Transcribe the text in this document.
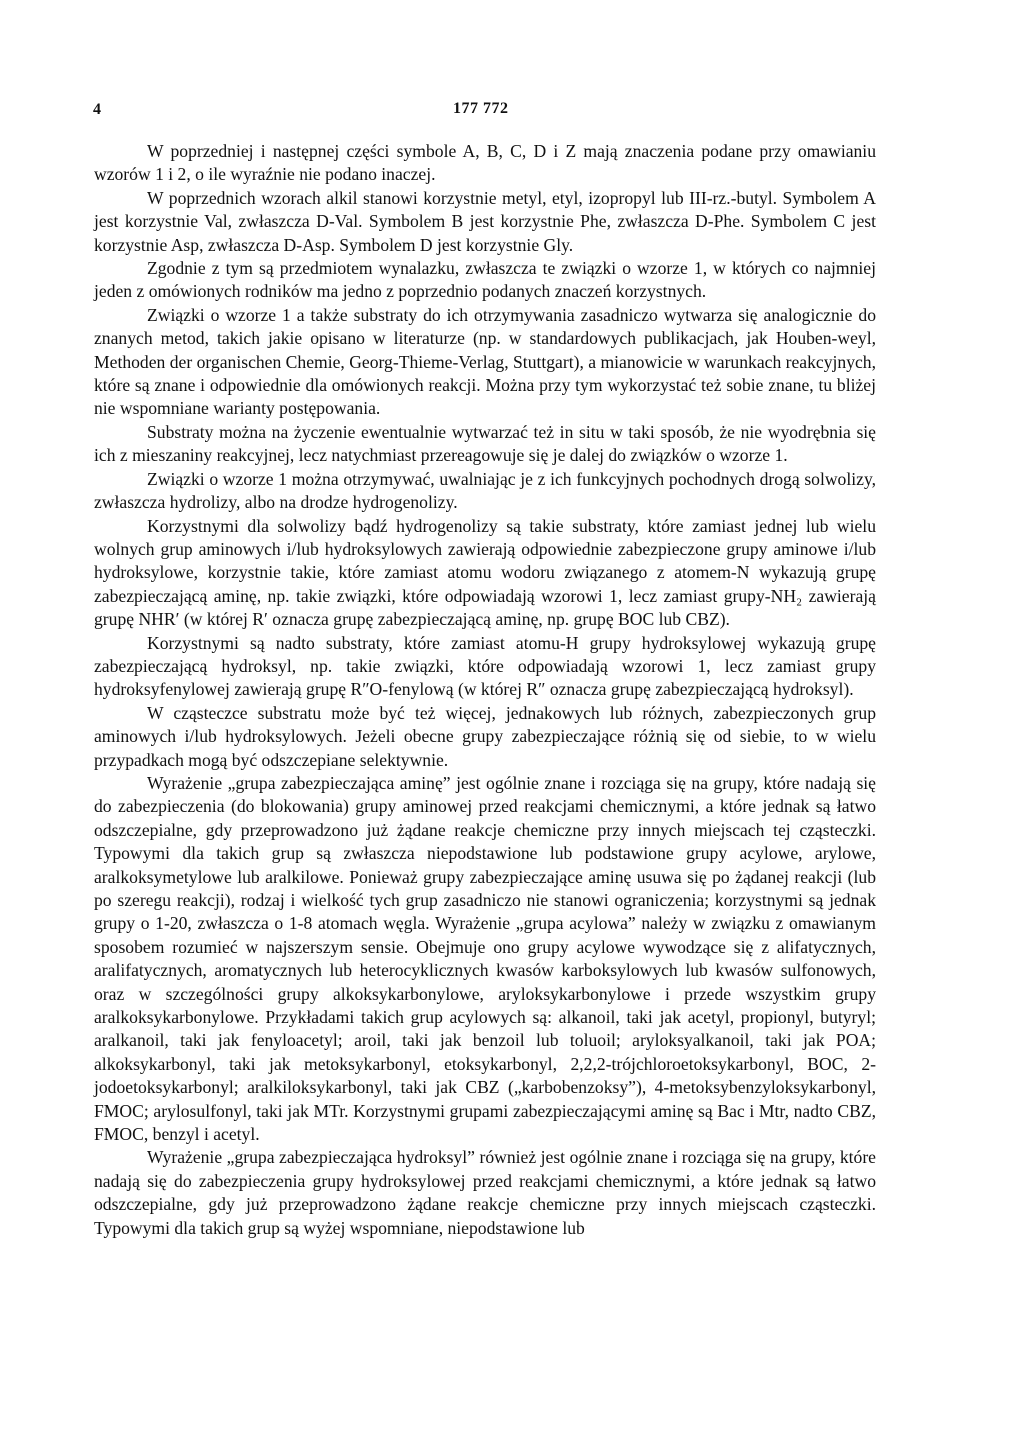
4	177 772

W poprzedniej i następnej części symbole A, B, C, D i Z mają znaczenia podane przy omawianiu wzorów 1 i 2, o ile wyraźnie nie podano inaczej.

W poprzednich wzorach alkil stanowi korzystnie metyl, etyl, izopropyl lub III-rz.-butyl. Symbolem A jest korzystnie Val, zwłaszcza D-Val. Symbolem B jest korzystnie Phe, zwłaszcza D-Phe. Symbolem C jest korzystnie Asp, zwłaszcza D-Asp. Symbolem D jest korzystnie Gly.

Zgodnie z tym są przedmiotem wynalazku, zwłaszcza te związki o wzorze 1, w których co najmniej jeden z omówionych rodników ma jedno z poprzednio podanych znaczeń korzystnych.

Związki o wzorze 1 a także substraty do ich otrzymywania zasadniczo wytwarza się analogicznie do znanych metod, takich jakie opisano w literaturze (np. w standardowych publikacjach, jak Houben-weyl, Methoden der organischen Chemie, Georg-Thieme-Verlag, Stuttgart), a mianowicie w warunkach reakcyjnych, które są znane i odpowiednie dla omówionych reakcji. Można przy tym wykorzystać też sobie znane, tu bliżej nie wspomniane warianty postępowania.

Substraty można na życzenie ewentualnie wytwarzać też in situ w taki sposób, że nie wyodrębnia się ich z mieszaniny reakcyjnej, lecz natychmiast przereagowuje się je dalej do związków o wzorze 1.

Związki o wzorze 1 można otrzymywać, uwalniając je z ich funkcyjnych pochodnych drogą solwolizy, zwłaszcza hydrolizy, albo na drodze hydrogenolizy.

Korzystnymi dla solwolizy bądź hydrogenolizy są takie substraty, które zamiast jednej lub wielu wolnych grup aminowych i/lub hydroksylowych zawierają odpowiednie zabezpieczone grupy aminowe i/lub hydroksylowe, korzystnie takie, które zamiast atomu wodoru związanego z atomem-N wykazują grupę zabezpieczającą aminę, np. takie związki, które odpowiadają wzorowi 1, lecz zamiast grupy-NH₂ zawierają grupę NHR′ (w której R′ oznacza grupę zabezpieczającą aminę, np. grupę BOC lub CBZ).

Korzystnymi są nadto substraty, które zamiast atomu-H grupy hydroksylowej wykazują grupę zabezpieczającą hydroksyl, np. takie związki, które odpowiadają wzorowi 1, lecz zamiast grupy hydroksyfenylowej zawierają grupę R″O-fenylową (w której R″ oznacza grupę zabezpieczającą hydroksyl).

W cząsteczce substratu może być też więcej, jednakowych lub różnych, zabezpieczonych grup aminowych i/lub hydroksylowych. Jeżeli obecne grupy zabezpieczające różnią się od siebie, to w wielu przypadkach mogą być odszczepiane selektywnie.

Wyrażenie „grupa zabezpieczająca aminę” jest ogólnie znane i rozciąga się na grupy, które nadają się do zabezpieczenia (do blokowania) grupy aminowej przed reakcjami chemicznymi, a które jednak są łatwo odszczepialne, gdy przeprowadzono już żądane reakcje chemiczne przy innych miejscach tej cząsteczki. Typowymi dla takich grup są zwłaszcza niepodstawione lub podstawione grupy acylowe, arylowe, aralkoksymetylowe lub aralkilowe. Ponieważ grupy zabezpieczające aminę usuwa się po żądanej reakcji (lub po szeregu reakcji), rodzaj i wielkość tych grup zasadniczo nie stanowi ograniczenia; korzystnymi są jednak grupy o 1-20, zwłaszcza o 1-8 atomach węgla. Wyrażenie „grupa acylowa” należy w związku z omawianym sposobem rozumieć w najszerszym sensie. Obejmuje ono grupy acylowe wywodzące się z alifatycznych, aralifatycznych, aromatycznych lub heterocyklicznych kwasów karboksylowych lub kwasów sulfonowych, oraz w szczególności grupy alkoksykarbonylowe, aryloksykarbonylowe i przede wszystkim grupy aralkoksykarbonylowe. Przykładami takich grup acylowych są: alkanoil, taki jak acetyl, propionyl, butyryl; aralkanoil, taki jak fenyloacetyl; aroil, taki jak benzoil lub toluoil; aryloksyalkanoil, taki jak POA; alkoksykarbonyl, taki jak metoksykarbonyl, etoksykarbonyl, 2,2,2-trójchloroetoksykarbonyl, BOC, 2-jodoetoksykarbonyl; aralkiloksykarbonyl, taki jak CBZ („karbobenzoksy”), 4-metoksybenzyloksykarbonyl, FMOC; arylosulfonyl, taki jak MTr. Korzystnymi grupami zabezpieczającymi aminę są Bac i Mtr, nadto CBZ, FMOC, benzyl i acetyl.

Wyrażenie „grupa zabezpieczająca hydroksyl” również jest ogólnie znane i rozciąga się na grupy, które nadają się do zabezpieczenia grupy hydroksylowej przed reakcjami chemicznymi, a które jednak są łatwo odszczepialne, gdy już przeprowadzono żądane reakcje chemiczne przy innych miejscach cząsteczki. Typowymi dla takich grup są wyżej wspomniane, niepodstawione lub
